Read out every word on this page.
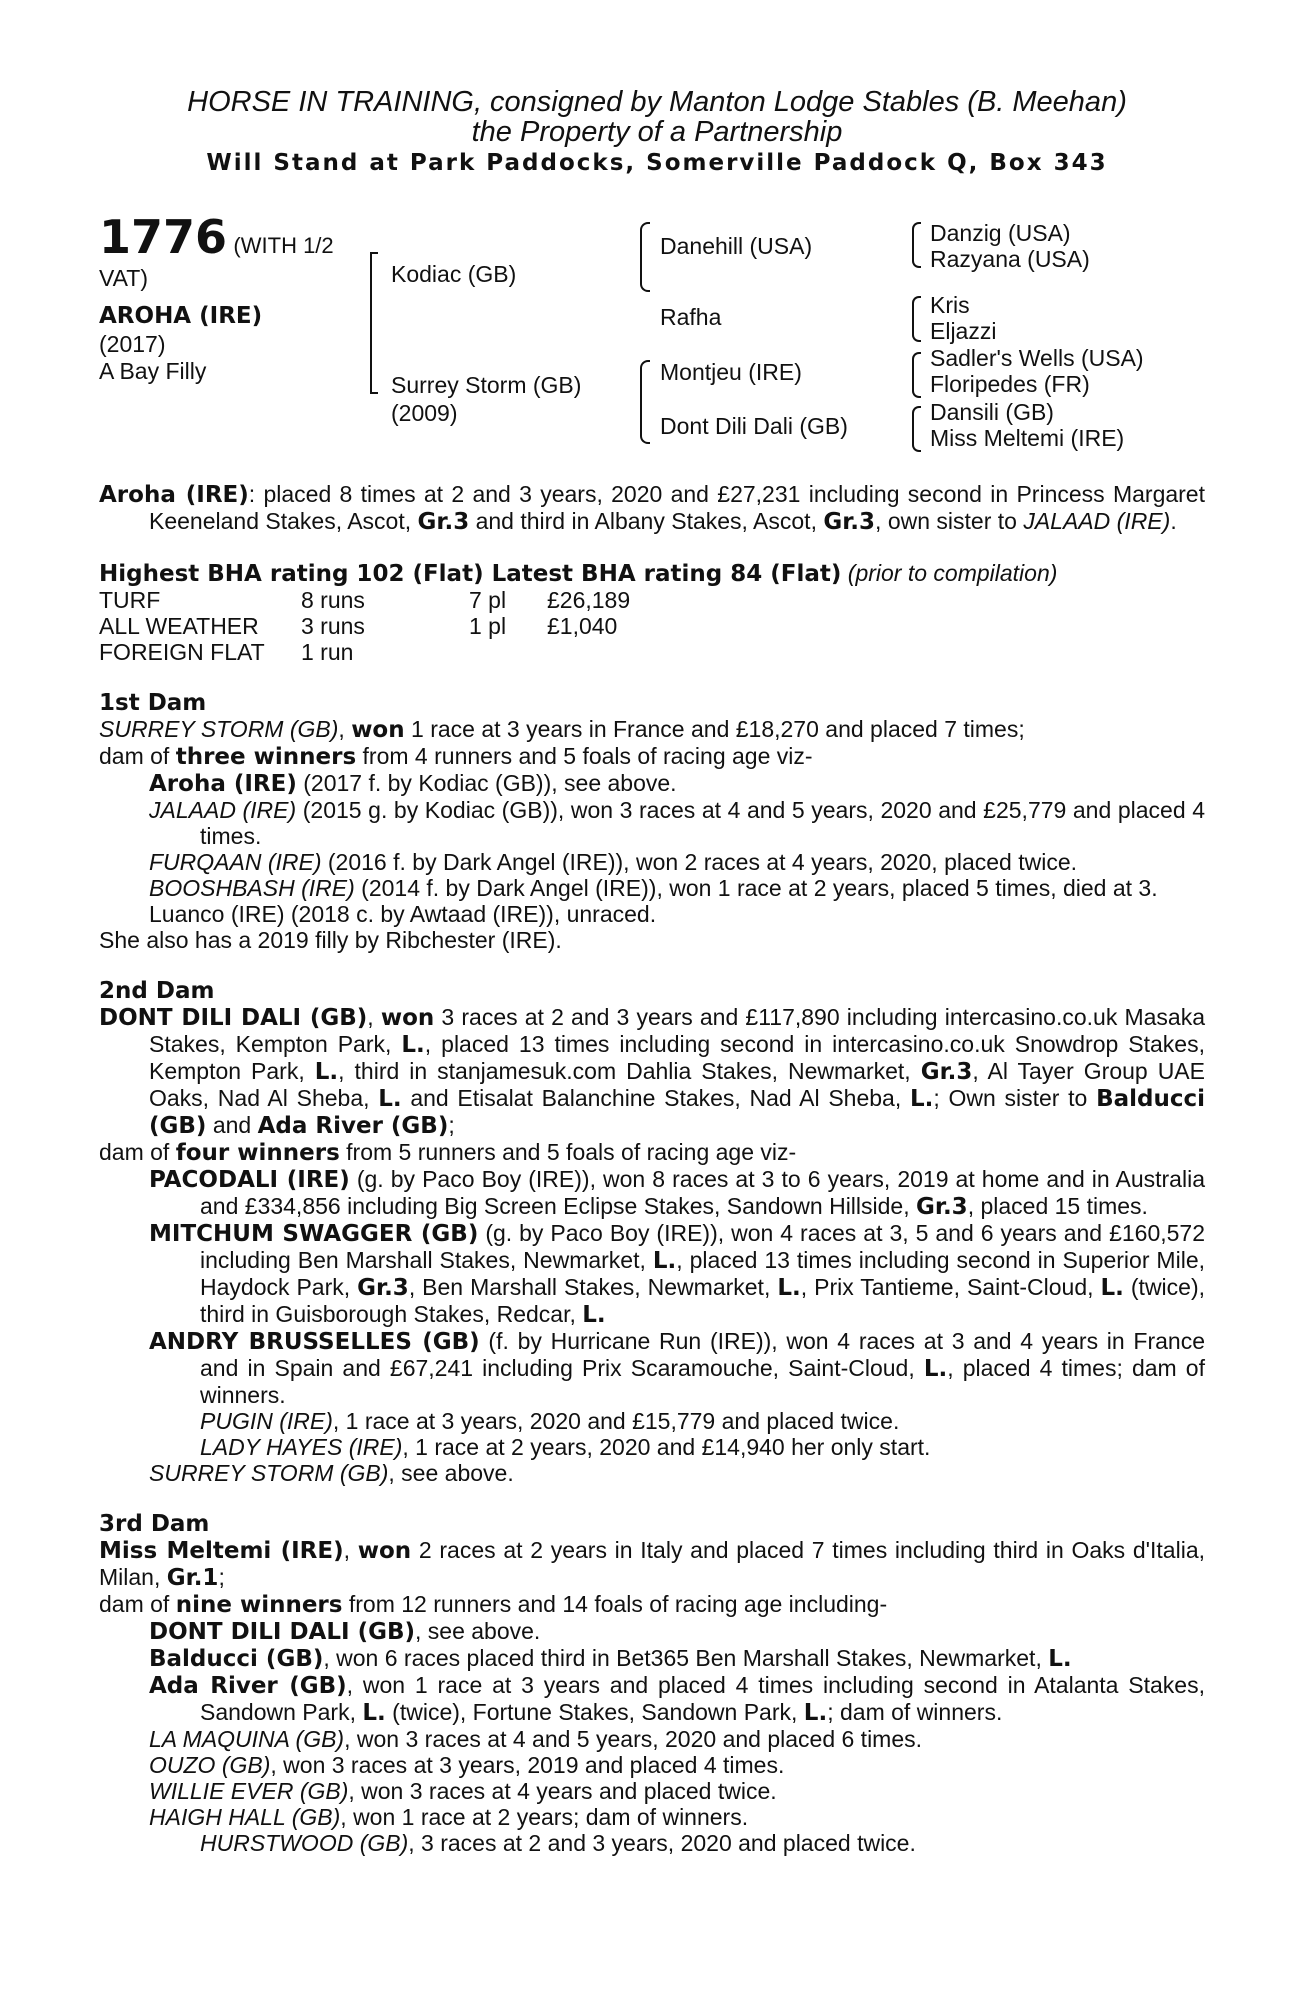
HORSE IN TRAINING, consigned by Manton Lodge Stables (B. Meehan)
the Property of a Partnership
Will Stand at Park Paddocks, Somerville Paddock Q, Box 343
1776 (WITH 1/2
VAT)
AROHA (IRE)
(2017)
A Bay Filly
Kodiac (GB)
Surrey Storm (GB)
(2009)
Danehill (USA)
Rafha
Montjeu (IRE)
Dont Dili Dali (GB)
Danzig (USA)
Razyana (USA)
Kris
Eljazzi
Sadler's Wells (USA)
Floripedes (FR)
Dansili (GB)
Miss Meltemi (IRE)

Aroha (IRE): placed 8 times at 2 and 3 years, 2020 and £27,231 including second in Princess Margaret Keeneland Stakes, Ascot, Gr.3 and third in Albany Stakes, Ascot, Gr.3, own sister to JALAAD (IRE).

Highest BHA rating 102 (Flat) Latest BHA rating 84 (Flat) (prior to compilation)

TURF	8 runs	7 pl	£26,189
ALL WEATHER	3 runs	1 pl	£1,040
FOREIGN FLAT	1 run		

1st Dam

SURREY STORM (GB), won 1 race at 3 years in France and £18,270 and placed 7 times;

dam of three winners from 4 runners and 5 foals of racing age viz-

Aroha (IRE) (2017 f. by Kodiac (GB)), see above.

JALAAD (IRE) (2015 g. by Kodiac (GB)), won 3 races at 4 and 5 years, 2020 and £25,779 and placed 4 times.

FURQAAN (IRE) (2016 f. by Dark Angel (IRE)), won 2 races at 4 years, 2020, placed twice.

BOOSHBASH (IRE) (2014 f. by Dark Angel (IRE)), won 1 race at 2 years, placed 5 times, died at 3.

Luanco (IRE) (2018 c. by Awtaad (IRE)), unraced.

She also has a 2019 filly by Ribchester (IRE).

2nd Dam

DONT DILI DALI (GB), won 3 races at 2 and 3 years and £117,890 including intercasino.co.uk Masaka Stakes, Kempton Park, L., placed 13 times including second in intercasino.co.uk Snowdrop Stakes, Kempton Park, L., third in stanjamesuk.com Dahlia Stakes, Newmarket, Gr.3, Al Tayer Group UAE Oaks, Nad Al Sheba, L. and Etisalat Balanchine Stakes, Nad Al Sheba, L.; Own sister to Balducci (GB) and Ada River (GB);

dam of four winners from 5 runners and 5 foals of racing age viz-

PACODALI (IRE) (g. by Paco Boy (IRE)), won 8 races at 3 to 6 years, 2019 at home and in Australia and £334,856 including Big Screen Eclipse Stakes, Sandown Hillside, Gr.3, placed 15 times.

MITCHUM SWAGGER (GB) (g. by Paco Boy (IRE)), won 4 races at 3, 5 and 6 years and £160,572 including Ben Marshall Stakes, Newmarket, L., placed 13 times including second in Superior Mile, Haydock Park, Gr.3, Ben Marshall Stakes, Newmarket, L., Prix Tantieme, Saint-Cloud, L. (twice), third in Guisborough Stakes, Redcar, L.

ANDRY BRUSSELLES (GB) (f. by Hurricane Run (IRE)), won 4 races at 3 and 4 years in France and in Spain and £67,241 including Prix Scaramouche, Saint-Cloud, L., placed 4 times; dam of winners.

PUGIN (IRE), 1 race at 3 years, 2020 and £15,779 and placed twice.

LADY HAYES (IRE), 1 race at 2 years, 2020 and £14,940 her only start.

SURREY STORM (GB), see above.

3rd Dam

Miss Meltemi (IRE), won 2 races at 2 years in Italy and placed 7 times including third in Oaks d'Italia, Milan, Gr.1;

dam of nine winners from 12 runners and 14 foals of racing age including-

DONT DILI DALI (GB), see above.

Balducci (GB), won 6 races placed third in Bet365 Ben Marshall Stakes, Newmarket, L.

Ada River (GB), won 1 race at 3 years and placed 4 times including second in Atalanta Stakes, Sandown Park, L. (twice), Fortune Stakes, Sandown Park, L.; dam of winners.

LA MAQUINA (GB), won 3 races at 4 and 5 years, 2020 and placed 6 times.

OUZO (GB), won 3 races at 3 years, 2019 and placed 4 times.

WILLIE EVER (GB), won 3 races at 4 years and placed twice.

HAIGH HALL (GB), won 1 race at 2 years; dam of winners.

HURSTWOOD (GB), 3 races at 2 and 3 years, 2020 and placed twice.
